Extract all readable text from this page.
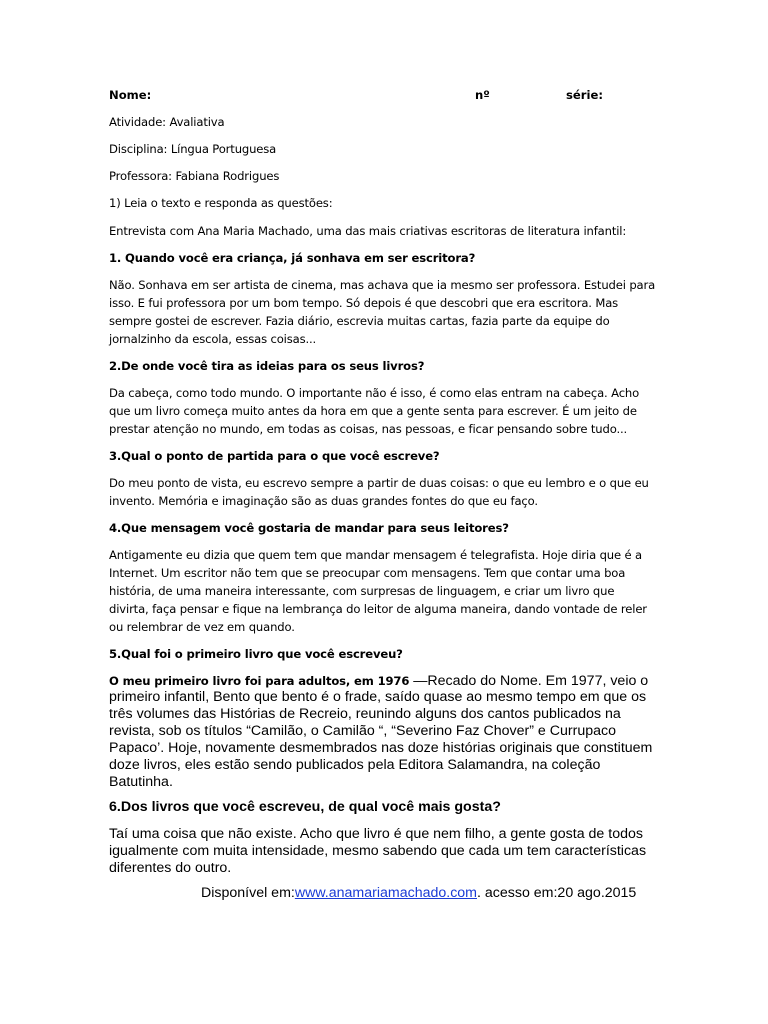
Nome:	nº	série:

Atividade: Avaliativa

Disciplina: Língua Portuguesa

Professora: Fabiana Rodrigues

1) Leia o texto e responda as questões:

Entrevista com Ana Maria Machado, uma das mais criativas escritoras de literatura infantil:

1. Quando você era criança, já sonhava em ser escritora?

Não. Sonhava em ser artista de cinema, mas achava que ia mesmo ser professora. Estudei para

isso. E fui professora por um bom tempo. Só depois é que descobri que era escritora. Mas

sempre gostei de escrever. Fazia diário, escrevia muitas cartas, fazia parte da equipe do

jornalzinho da escola, essas coisas...

2.De onde você tira as ideias para os seus livros?

Da cabeça, como todo mundo. O importante não é isso, é como elas entram na cabeça. Acho

que um livro começa muito antes da hora em que a gente senta para escrever. É um jeito de

prestar atenção no mundo, em todas as coisas, nas pessoas, e ficar pensando sobre tudo...

3.Qual o ponto de partida para o que você escreve?

Do meu ponto de vista, eu escrevo sempre a partir de duas coisas: o que eu lembro e o que eu

invento. Memória e imaginação são as duas grandes fontes do que eu faço.

4.Que mensagem você gostaria de mandar para seus leitores?

Antigamente eu dizia que quem tem que mandar mensagem é telegrafista. Hoje diria que é a

Internet. Um escritor não tem que se preocupar com mensagens. Tem que contar uma boa

história, de uma maneira interessante, com surpresas de linguagem, e criar um livro que

divirta, faça pensar e fique na lembrança do leitor de alguma maneira, dando vontade de reler

ou relembrar de vez em quando.

5.Qual foi o primeiro livro que você escreveu?

O meu primeiro livro foi para adultos, em 1976 —Recado do Nome. Em 1977, veio o

primeiro infantil, Bento que bento é o frade, saído quase ao mesmo tempo em que os

três volumes das Histórias de Recreio, reunindo alguns dos cantos publicados na

revista, sob os títulos “Camilão, o Camilão “, “Severino Faz Chover” e Currupaco

Papaco’. Hoje, novamente desmembrados nas doze histórias originais que constituem

doze livros, eles estão sendo publicados pela Editora Salamandra, na coleção

Batutinha.

6.Dos livros que você escreveu, de qual você mais gosta?

Taí uma coisa que não existe. Acho que livro é que nem filho, a gente gosta de todos

igualmente com muita intensidade, mesmo sabendo que cada um tem características

diferentes do outro.

Disponível em:www.anamariamachado.com. acesso em:20 ago.2015
